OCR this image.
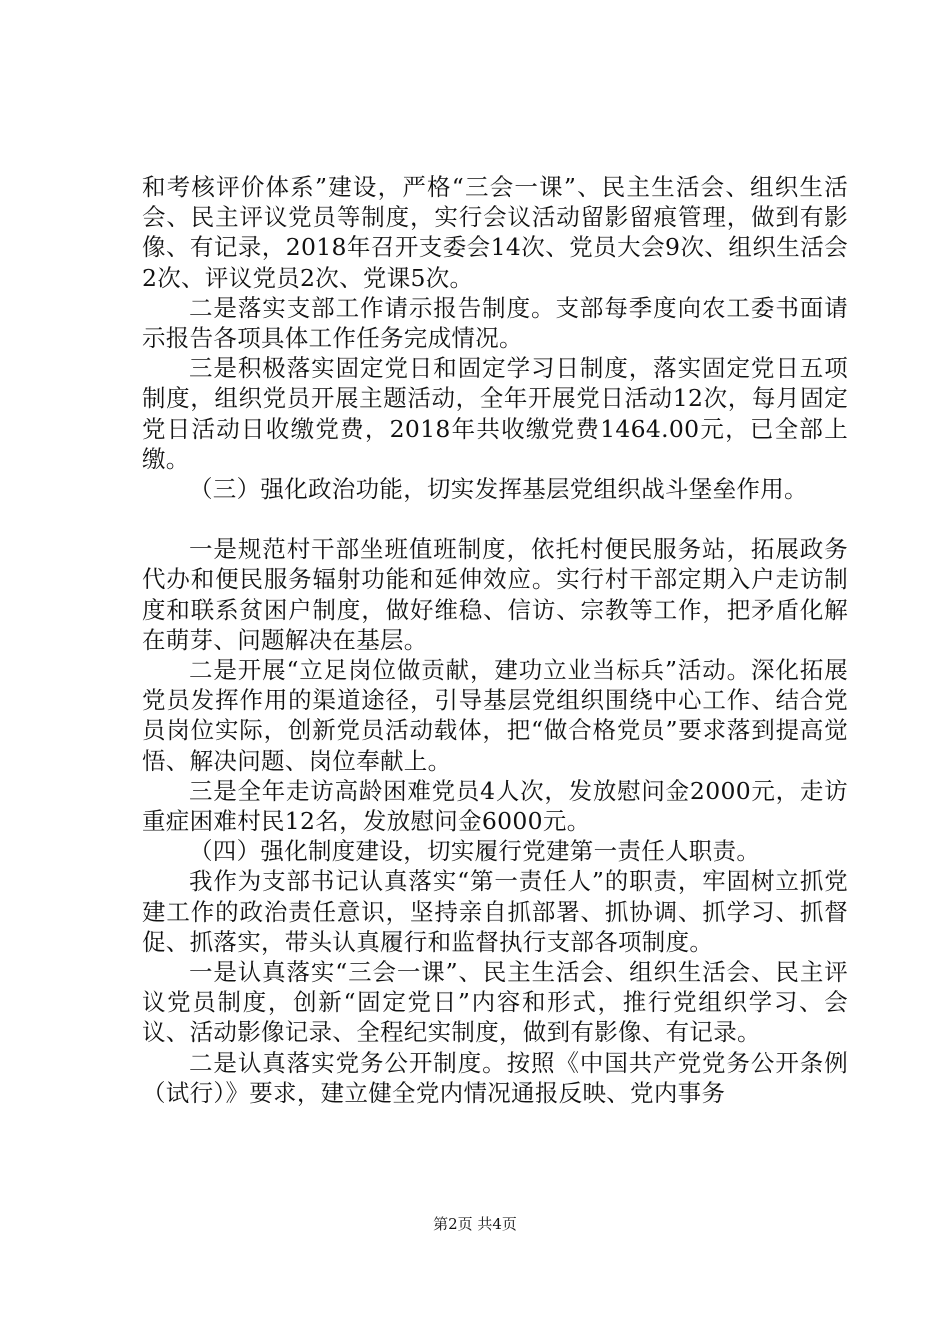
和考核评价体系”建设，严格“三会一课”、民主生活会、组织生活会、民主评议党员等制度，实行会议活动留影留痕管理，做到有影像、有记录，2018年召开支委会14次、党员大会9次、组织生活会2次、评议党员2次、党课5次。

二是落实支部工作请示报告制度。支部每季度向农工委书面请示报告各项具体工作任务完成情况。

三是积极落实固定党日和固定学习日制度，落实固定党日五项制度，组织党员开展主题活动，全年开展党日活动12次，每月固定党日活动日收缴党费，2018年共收缴党费1464.00元，已全部上缴。

（三）强化政治功能，切实发挥基层党组织战斗堡垒作用。

一是规范村干部坐班值班制度，依托村便民服务站，拓展政务代办和便民服务辐射功能和延伸效应。实行村干部定期入户走访制度和联系贫困户制度，做好维稳、信访、宗教等工作，把矛盾化解在萌芽、问题解决在基层。

二是开展“立足岗位做贡献，建功立业当标兵”活动。深化拓展党员发挥作用的渠道途径，引导基层党组织围绕中心工作、结合党员岗位实际，创新党员活动载体，把“做合格党员”要求落到提高觉悟、解决问题、岗位奉献上。

三是全年走访高龄困难党员4人次，发放慰问金2000元，走访重症困难村民12名，发放慰问金6000元。

（四）强化制度建设，切实履行党建第一责任人职责。

我作为支部书记认真落实“第一责任人”的职责，牢固树立抓党建工作的政治责任意识，坚持亲自抓部署、抓协调、抓学习、抓督促、抓落实，带头认真履行和监督执行支部各项制度。

一是认真落实“三会一课”、民主生活会、组织生活会、民主评议党员制度，创新“固定党日”内容和形式，推行党组织学习、会议、活动影像记录、全程纪实制度，做到有影像、有记录。

二是认真落实党务公开制度。按照《中国共产党党务公开条例（试行）》要求，建立健全党内情况通报反映、党内事务

第2页 共4页
